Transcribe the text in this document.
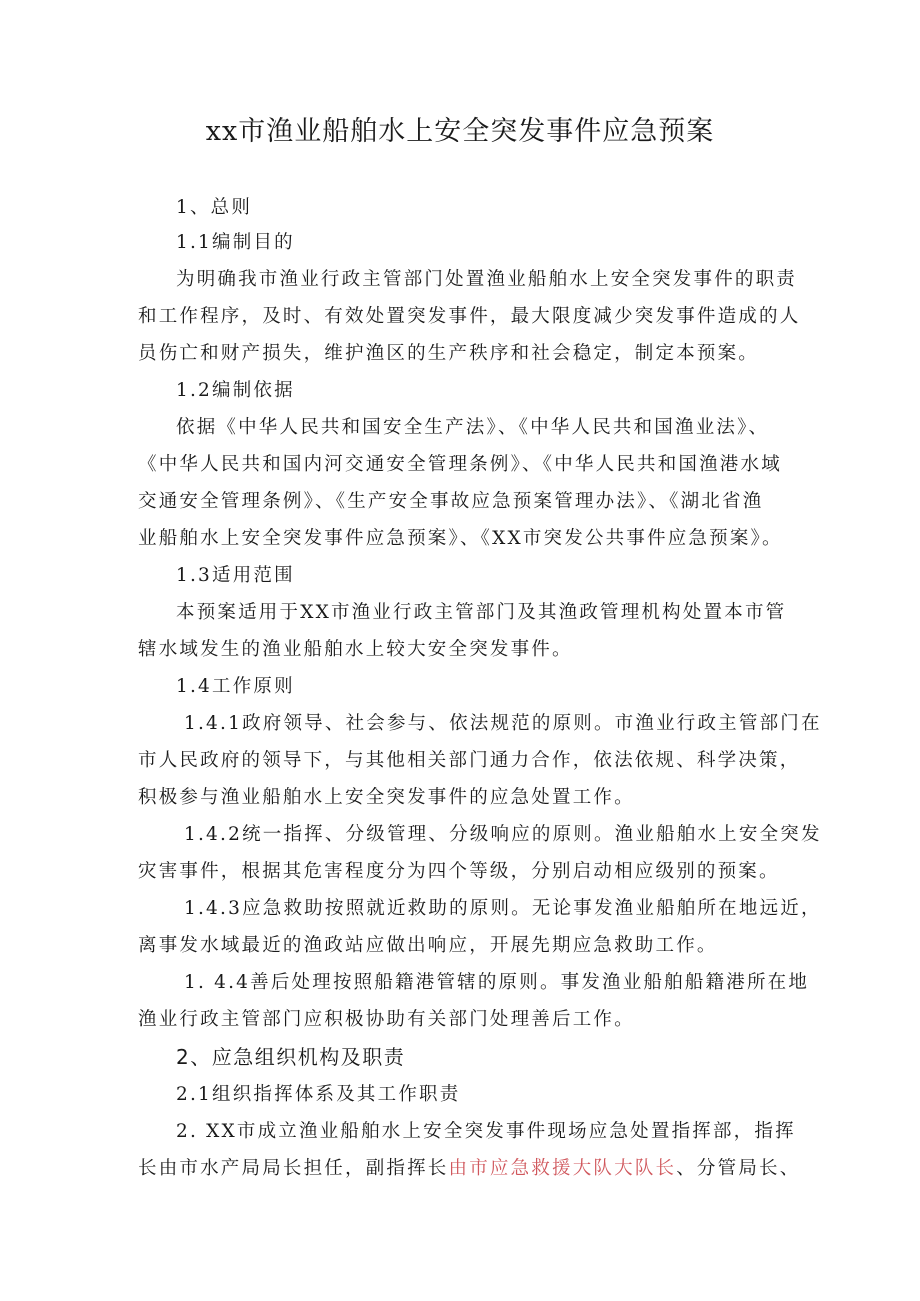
xx市渔业船舶水上安全突发事件应急预案

1、总则

1.1编制目的

为明确我市渔业行政主管部门处置渔业船舶水上安全突发事件的职责

和工作程序，及时、有效处置突发事件，最大限度减少突发事件造成的人

员伤亡和财产损失，维护渔区的生产秩序和社会稳定，制定本预案。

1.2编制依据

依据《中华人民共和国安全生产法》、《中华人民共和国渔业法》、

《中华人民共和国内河交通安全管理条例》、《中华人民共和国渔港水域

交通安全管理条例》、《生产安全事故应急预案管理办法》、《湖北省渔

业船舶水上安全突发事件应急预案》、《XX市突发公共事件应急预案》。

1.3适用范围

本预案适用于XX市渔业行政主管部门及其渔政管理机构处置本市管

辖水域发生的渔业船舶水上较大安全突发事件。

1.4工作原则

1.4.1政府领导、社会参与、依法规范的原则。市渔业行政主管部门在

市人民政府的领导下，与其他相关部门通力合作，依法依规、科学决策，

积极参与渔业船舶水上安全突发事件的应急处置工作。

1.4.2统一指挥、分级管理、分级响应的原则。渔业船舶水上安全突发

灾害事件，根据其危害程度分为四个等级，分别启动相应级别的预案。

1.4.3应急救助按照就近救助的原则。无论事发渔业船舶所在地远近，

离事发水域最近的渔政站应做出响应，开展先期应急救助工作。

1. 4.4善后处理按照船籍港管辖的原则。事发渔业船舶船籍港所在地

渔业行政主管部门应积极协助有关部门处理善后工作。

2、应急组织机构及职责

2.1组织指挥体系及其工作职责

2. XX市成立渔业船舶水上安全突发事件现场应急处置指挥部，指挥

长由市水产局局长担任，副指挥长由市应急救援大队大队长、分管局长、
